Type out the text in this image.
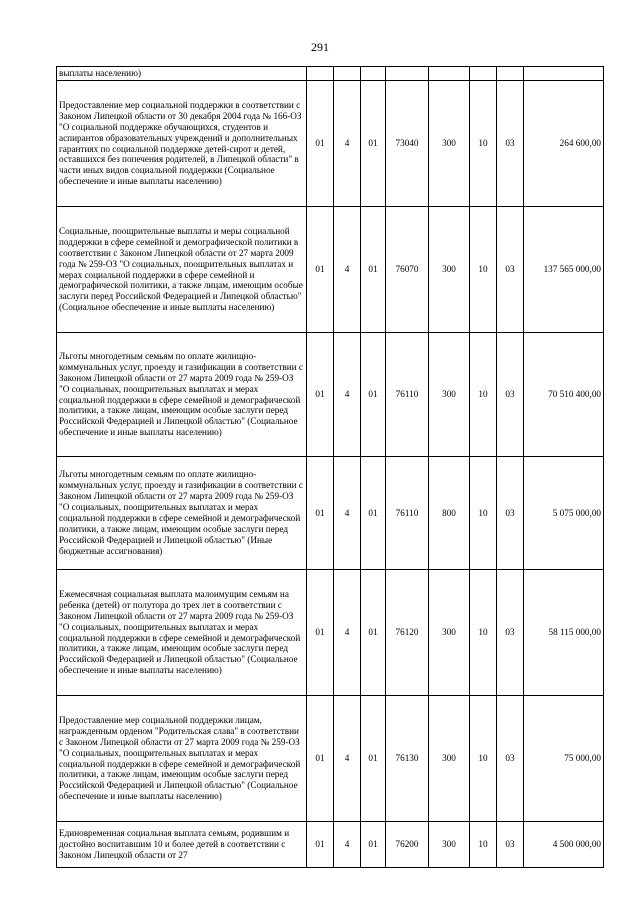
291
выплаты населению)								
Предоставление мер социальной поддержки в соответствии с Законом Липецкой области от 30 декабря 2004 года № 166-ОЗ "О социальной поддержке обучающихся, студентов и аспирантов образовательных учреждений и дополнительных гарантиях по социальной поддержке детей-сирот и детей, оставшихся без попечения родителей, в Липецкой области" в части иных видов социальной поддержки (Социальное обеспечение и иные выплаты населению)	01	4	01	73040	300	10	03	264 600,00
Социальные, поощрительные выплаты и меры социальной поддержки в сфере семейной и демографической политики в соответствии с Законом Липецкой области от 27 марта 2009 года № 259-ОЗ "О социальных, поощрительных выплатах и мерах социальной поддержки в сфере семейной и демографической политики, а также лицам, имеющим особые заслуги перед Российской Федерацией и Липецкой областью" (Социальное обеспечение и иные выплаты населению)	01	4	01	76070	300	10	03	137 565 000,00
Льготы многодетным семьям по оплате жилищно-коммунальных услуг, проезду и газификации в соответствии с Законом Липецкой области от 27 марта 2009 года № 259-ОЗ "О социальных, поощрительных выплатах и мерах социальной поддержки в сфере семейной и демографической политики, а также лицам, имеющим особые заслуги перед Российской Федерацией и Липецкой областью" (Социальное обеспечение и иные выплаты населению)	01	4	01	76110	300	10	03	70 510 400,00
Льготы многодетным семьям по оплате жилищно-коммунальных услуг, проезду и газификации в соответствии с Законом Липецкой области от 27 марта 2009 года № 259-ОЗ "О социальных, поощрительных выплатах и мерах социальной поддержки в сфере семейной и демографической политики, а также лицам, имеющим особые заслуги перед Российской Федерацией и Липецкой областью" (Иные бюджетные ассигнования)	01	4	01	76110	800	10	03	5 075 000,00
Ежемесячная социальная выплата малоимущим семьям на ребенка (детей) от полутора до трех лет в соответствии с Законом Липецкой области от 27 марта 2009 года № 259-ОЗ "О социальных, поощрительных выплатах и мерах социальной поддержки в сфере семейной и демографической политики, а также лицам, имеющим особые заслуги перед Российской Федерацией и Липецкой областью" (Социальное обеспечение и иные выплаты населению)	01	4	01	76120	300	10	03	58 115 000,00
Предоставление мер социальной поддержки лицам, награжденным орденом "Родительская слава" в соответствии с Законом Липецкой области от 27 марта 2009 года № 259-ОЗ "О социальных, поощрительных выплатах и мерах социальной поддержки в сфере семейной и демографической политики, а также лицам, имеющим особые заслуги перед Российской Федерацией и Липецкой областью" (Социальное обеспечение и иные выплаты населению)	01	4	01	76130	300	10	03	75 000,00
Единовременная социальная выплата семьям, родившим и достойно воспитавшим 10 и более детей в соответствии с Законом Липецкой области от 27	01	4	01	76200	300	10	03	4 500 000,00
